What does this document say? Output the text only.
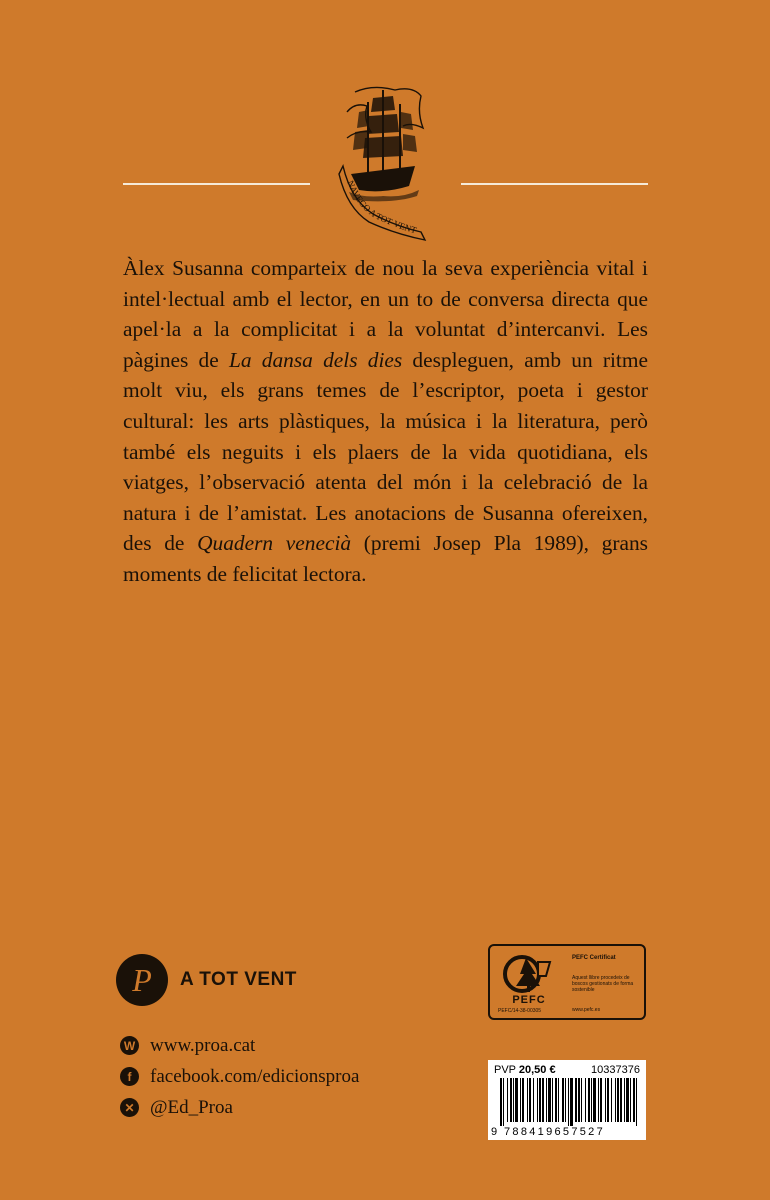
NAVEGO A TOT VENT

Àlex Susanna comparteix de nou la seva experiència vital i intel·lectual amb el lector, en un to de conversa directa que apel·la a la complicitat i a la voluntat d’intercanvi. Les pàgines de La dansa dels dies despleguen, amb un ritme molt viu, els grans temes de l’escriptor, poeta i gestor cultural: les arts plàstiques, la música i la literatura, però també els neguits i els plaers de la vida quotidiana, els viatges, l’observació atenta del món i la celebració de la natura i de l’amistat. Les anotacions de Susanna ofereixen, des de Quadern venecià (premi Josep Pla 1989), grans moments de felicitat lectora.

P A TOT VENT
W www.proa.cat
f facebook.com/edicionsproa
✕ @Ed_Proa
PEFC
PEFC/14-38-00305
PEFC Certificat
Aquest llibre procedeix de boscos gestionats de forma sostenible
www.pefc.es
PVP 20,50 €	10337376
9 788419657527
